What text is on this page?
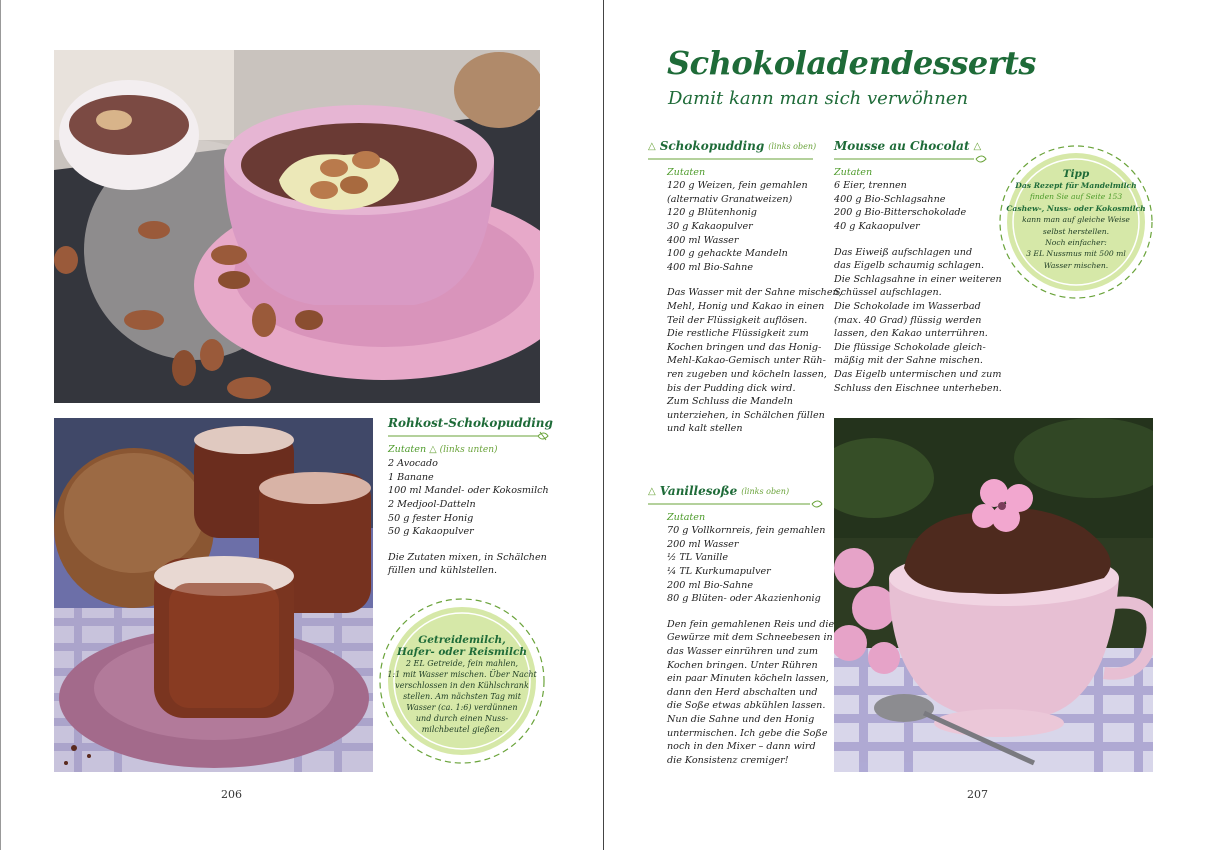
Rohkost-Schokopudding
Zutaten △ (links unten)
2 Avocado
1 Banane
100 ml Mandel- oder Kokosmilch
2 Medjool-Datteln
50 g fester Honig
50 g Kakaopulver
Die Zutaten mixen, in Schälchen
füllen und kühlstellen.
Getreidemilch,
Hafer- oder Reismilch
2 EL Getreide, fein mahlen,
1:1 mit Wasser mischen. Über Nacht
verschlossen in den Kühlschrank
stellen. Am nächsten Tag mit
Wasser (ca. 1:6) verdünnen
und durch einen Nuss-
milchbeutel gießen.
206
Schokoladendesserts
Damit kann man sich verwöhnen
△ Schokopudding (links oben)
Zutaten
120 g Weizen, fein gemahlen
(alternativ Granatweizen)
120 g Blütenhonig
30 g Kakaopulver
400 ml Wasser
100 g gehackte Mandeln
400 ml Bio-Sahne
Das Wasser mit der Sahne mischen,
Mehl, Honig und Kakao in einen
Teil der Flüssigkeit auflösen.
Die restliche Flüssigkeit zum
Kochen bringen und das Honig-
Mehl-Kakao-Gemisch unter Rüh-
ren zugeben und köcheln lassen,
bis der Pudding dick wird.
Zum Schluss die Mandeln
unterziehen, in Schälchen füllen
und kalt stellen
Mousse au Chocolat △
Zutaten
6 Eier, trennen
400 g Bio-Schlagsahne
200 g Bio-Bitterschokolade
40 g Kakaopulver
Das Eiweiß aufschlagen und
das Eigelb schaumig schlagen.
Die Schlagsahne in einer weiteren
Schüssel aufschlagen.
Die Schokolade im Wasserbad
(max. 40 Grad) flüssig werden
lassen, den Kakao unterrühren.
Die flüssige Schokolade gleich-
mäßig mit der Sahne mischen.
Das Eigelb untermischen und zum
Schluss den Eischnee unterheben.
Tipp
Das Rezept für Mandelmilch
finden Sie auf Seite 153
Cashew-, Nuss- oder Kokosmilch
kann man auf gleiche Weise
selbst herstellen.
Noch einfacher:
3 EL Nussmus mit 500 ml
Wasser mischen.
△ Vanillesoße (links oben)
Zutaten
70 g Vollkornreis, fein gemahlen
200 ml Wasser
½ TL Vanille
¼ TL Kurkumapulver
200 ml Bio-Sahne
80 g Blüten- oder Akazienhonig
Den fein gemahlenen Reis und die
Gewürze mit dem Schneebesen in
das Wasser einrühren und zum
Kochen bringen. Unter Rühren
ein paar Minuten köcheln lassen,
dann den Herd abschalten und
die Soße etwas abkühlen lassen.
Nun die Sahne und den Honig
untermischen. Ich gebe die Soße
noch in den Mixer – dann wird
die Konsistenz cremiger!
207
